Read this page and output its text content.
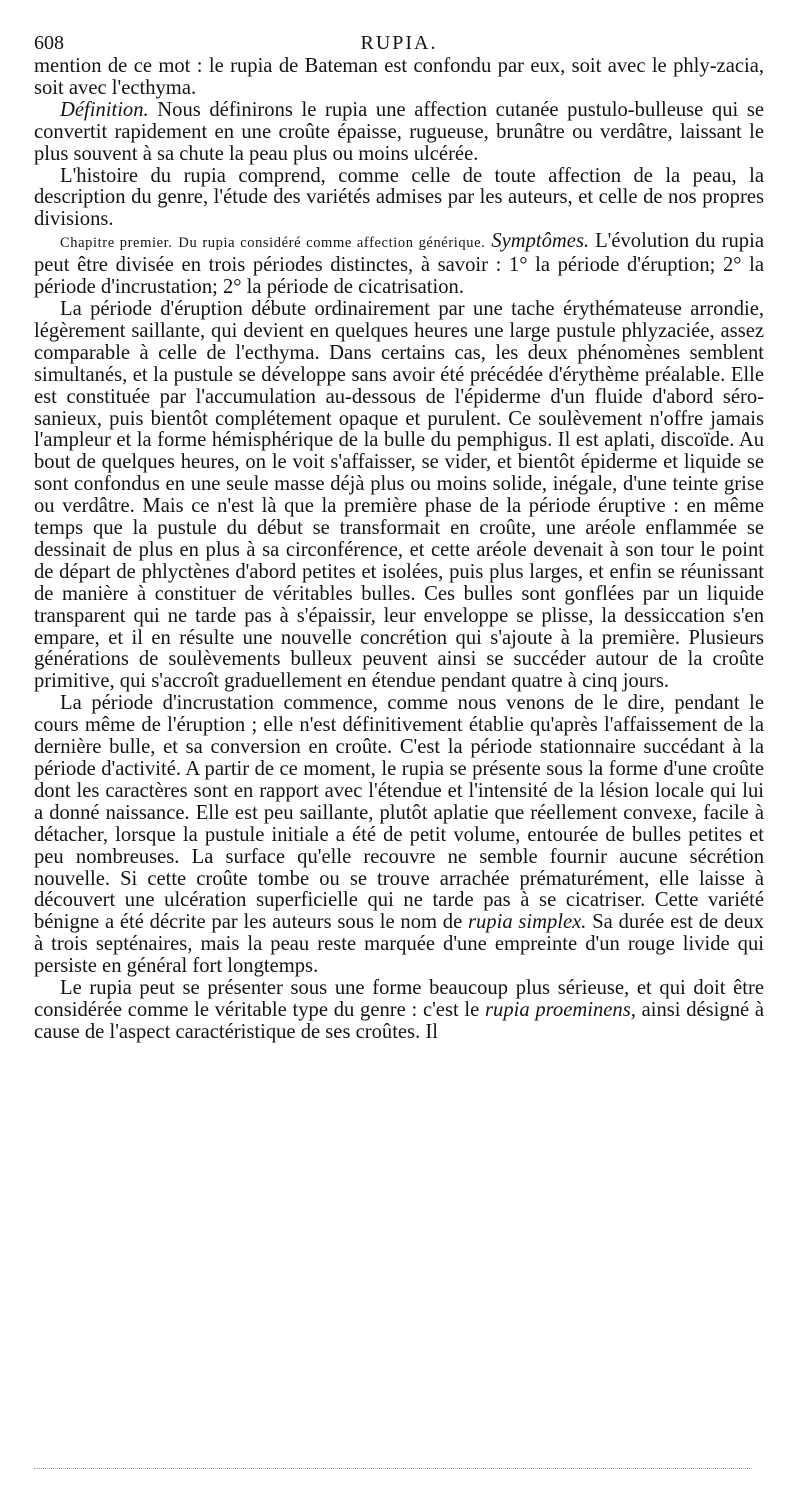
608	RUPIA.

mention de ce mot : le rupia de Bateman est confondu par eux, soit avec le phly-zacia, soit avec l'ecthyma.

Définition. Nous définirons le rupia une affection cutanée pustulo-bulleuse qui se convertit rapidement en une croûte épaisse, rugueuse, brunâtre ou verdâtre, laissant le plus souvent à sa chute la peau plus ou moins ulcérée.

L'histoire du rupia comprend, comme celle de toute affection de la peau, la description du genre, l'étude des variétés admises par les auteurs, et celle de nos propres divisions.

Chapitre premier. Du rupia considéré comme affection générique. Symptômes. L'évolution du rupia peut être divisée en trois périodes distinctes, à savoir : 1° la période d'éruption; 2° la période d'incrustation; 2° la période de cicatrisation.

La période d'éruption débute ordinairement par une tache érythémateuse arrondie, légèrement saillante, qui devient en quelques heures une large pustule phlyzaciée, assez comparable à celle de l'ecthyma. Dans certains cas, les deux phénomènes semblent simultanés, et la pustule se développe sans avoir été précédée d'érythème préalable. Elle est constituée par l'accumulation au-dessous de l'épiderme d'un fluide d'abord séro-sanieux, puis bientôt complétement opaque et purulent. Ce soulèvement n'offre jamais l'ampleur et la forme hémisphérique de la bulle du pemphigus. Il est aplati, discoïde. Au bout de quelques heures, on le voit s'affaisser, se vider, et bientôt épiderme et liquide se sont confondus en une seule masse déjà plus ou moins solide, inégale, d'une teinte grise ou verdâtre. Mais ce n'est là que la première phase de la période éruptive : en même temps que la pustule du début se transformait en croûte, une aréole enflammée se dessinait de plus en plus à sa circonférence, et cette aréole devenait à son tour le point de départ de phlyctènes d'abord petites et isolées, puis plus larges, et enfin se réunissant de manière à constituer de véritables bulles. Ces bulles sont gonflées par un liquide transparent qui ne tarde pas à s'épaissir, leur enveloppe se plisse, la dessiccation s'en empare, et il en résulte une nouvelle concrétion qui s'ajoute à la première. Plusieurs générations de soulèvements bulleux peuvent ainsi se succéder autour de la croûte primitive, qui s'accroît graduellement en étendue pendant quatre à cinq jours.

La période d'incrustation commence, comme nous venons de le dire, pendant le cours même de l'éruption ; elle n'est définitivement établie qu'après l'affaissement de la dernière bulle, et sa conversion en croûte. C'est la période stationnaire succédant à la période d'activité. A partir de ce moment, le rupia se présente sous la forme d'une croûte dont les caractères sont en rapport avec l'étendue et l'intensité de la lésion locale qui lui a donné naissance. Elle est peu saillante, plutôt aplatie que réellement convexe, facile à détacher, lorsque la pustule initiale a été de petit volume, entourée de bulles petites et peu nombreuses. La surface qu'elle recouvre ne semble fournir aucune sécrétion nouvelle. Si cette croûte tombe ou se trouve arrachée prématurément, elle laisse à découvert une ulcération superficielle qui ne tarde pas à se cicatriser. Cette variété bénigne a été décrite par les auteurs sous le nom de rupia simplex. Sa durée est de deux à trois septénaires, mais la peau reste marquée d'une empreinte d'un rouge livide qui persiste en général fort longtemps.

Le rupia peut se présenter sous une forme beaucoup plus sérieuse, et qui doit être considérée comme le véritable type du genre : c'est le rupia proeminens, ainsi désigné à cause de l'aspect caractéristique de ses croûtes. Il
